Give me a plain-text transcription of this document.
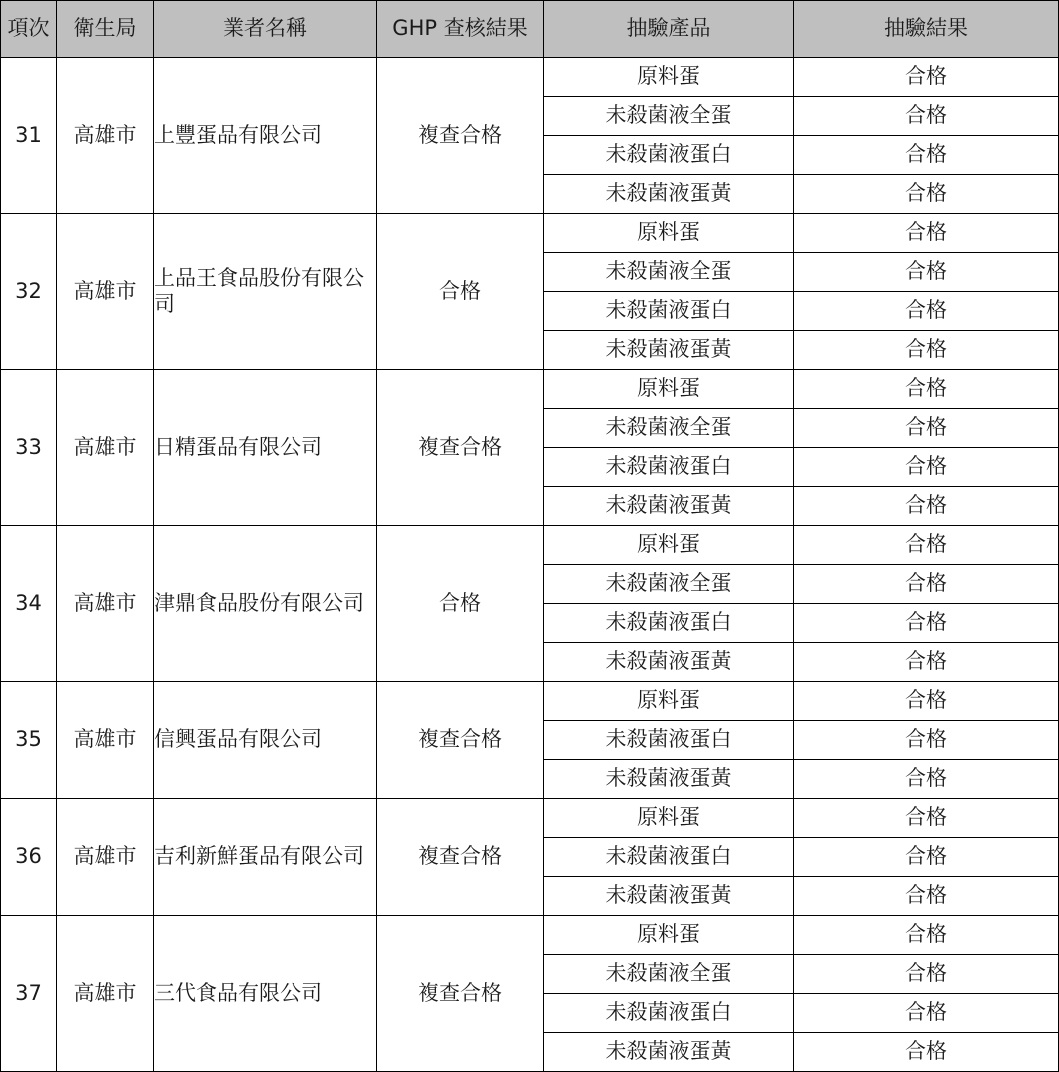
項次	衛生局	業者名稱	GHP 查核結果	抽驗產品	抽驗結果
31	高雄市	上豐蛋品有限公司	複查合格	原料蛋	合格
				未殺菌液全蛋	合格
				未殺菌液蛋白	合格
				未殺菌液蛋黃	合格
32	高雄市	上品王食品股份有限公司	合格	原料蛋	合格
				未殺菌液全蛋	合格
				未殺菌液蛋白	合格
				未殺菌液蛋黃	合格
33	高雄市	日精蛋品有限公司	複查合格	原料蛋	合格
				未殺菌液全蛋	合格
				未殺菌液蛋白	合格
				未殺菌液蛋黃	合格
34	高雄市	津鼎食品股份有限公司	合格	原料蛋	合格
				未殺菌液全蛋	合格
				未殺菌液蛋白	合格
				未殺菌液蛋黃	合格
35	高雄市	信興蛋品有限公司	複查合格	原料蛋	合格
				未殺菌液蛋白	合格
				未殺菌液蛋黃	合格
36	高雄市	吉利新鮮蛋品有限公司	複查合格	原料蛋	合格
				未殺菌液蛋白	合格
				未殺菌液蛋黃	合格
37	高雄市	三代食品有限公司	複查合格	原料蛋	合格
				未殺菌液全蛋	合格
				未殺菌液蛋白	合格
				未殺菌液蛋黃	合格
